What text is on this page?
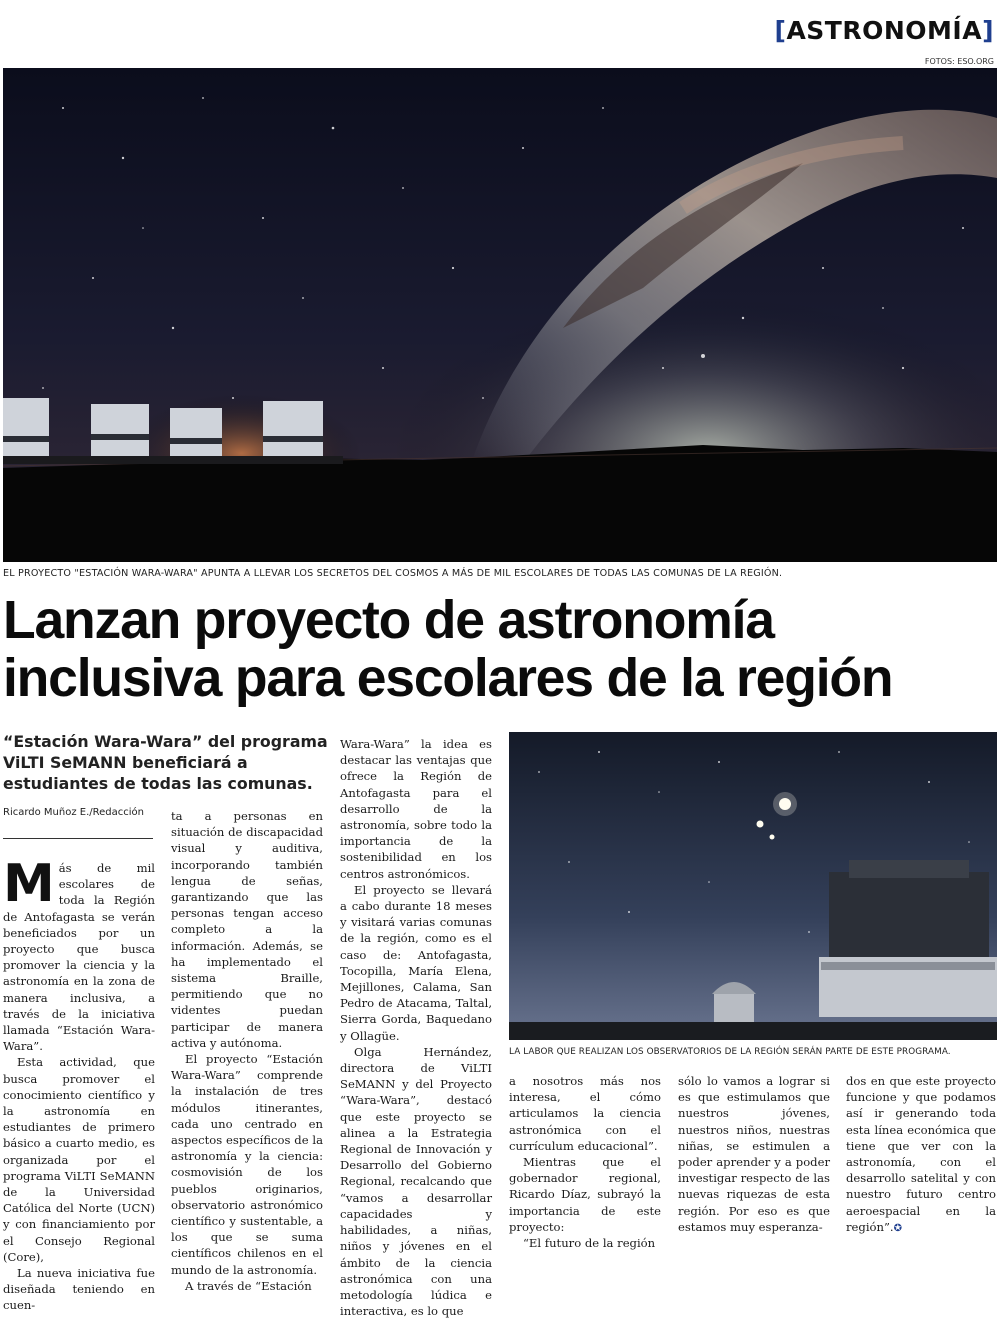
[ASTRONOMÍA]
FOTOS: ESO.ORG
EL PROYECTO "ESTACIÓN WARA-WARA" APUNTA A LLEVAR LOS SECRETOS DEL COSMOS A MÁS DE MIL ESCOLARES DE TODAS LAS COMUNAS DE LA REGIÓN.
Lanzan proyecto de astronomía
inclusiva para escolares de la región
“Estación Wara-Wara” del programa ViLTI SeMANN beneficiará a estudiantes de todas las comunas.
Ricardo Muñoz E./Redacción

Más de mil escolares de toda la Región de Antofagasta se verán beneficiados por un proyecto que busca promover la ciencia y la astronomía en la zona de manera inclusiva, a través de la iniciativa llamada “Estación Wara-Wara”.

Esta actividad, que busca promover el conocimiento científico y la astronomía en estudiantes de primero básico a cuarto medio, es organizada por el programa ViLTI SeMANN de la Universidad Católica del Norte (UCN) y con financiamiento por el Consejo Regional (Core),

La nueva iniciativa fue diseñada teniendo en cuen-

ta a personas en situación de discapacidad visual y auditiva, incorporando también lengua de señas, garantizando que las personas tengan acceso completo a la información. Además, se ha implementado el sistema Braille, permitiendo que no videntes puedan participar de manera activa y autónoma.

El proyecto “Estación Wara-Wara” comprende la instalación de tres módulos itinerantes, cada uno centrado en aspectos específicos de la astronomía y la ciencia: cosmovisión de los pueblos originarios, observatorio astronómico científico y sustentable, a los que se suma científicos chilenos en el mundo de la astronomía.

A través de “Estación

Wara-Wara” la idea es destacar las ventajas que ofrece la Región de Antofagasta para el desarrollo de la astronomía, sobre todo la importancia de la sostenibilidad en los centros astronómicos.

El proyecto se llevará a cabo durante 18 meses y visitará varias comunas de la región, como es el caso de: Antofagasta, Tocopilla, María Elena, Mejillones, Calama, San Pedro de Atacama, Taltal, Sierra Gorda, Baquedano y Ollagüe.

Olga Hernández, directora de ViLTI SeMANN y del Proyecto “Wara-Wara”, destacó que este proyecto se alinea a la Estrategia Regional de Innovación y Desarrollo del Gobierno Regional, recalcando que “vamos a desarrollar capacidades y habilidades, a niñas, niños y jóvenes en el ámbito de la ciencia astronómica con una metodología lúdica e interactiva, es lo que

LA LABOR QUE REALIZAN LOS OBSERVATORIOS DE LA REGIÓN SERÁN PARTE DE ESTE PROGRAMA.

a nosotros más nos interesa, el cómo articulamos la ciencia astronómica con el currículum educacional”.

Mientras que el gobernador regional, Ricardo Díaz, subrayó la importancia de este proyecto:

“El futuro de la región

sólo lo vamos a lograr si es que estimulamos que nuestros jóvenes, nuestros niños, nuestras niñas, se estimulen a poder aprender y a poder investigar respecto de las nuevas riquezas de esta región. Por eso es que estamos muy esperanza-

dos en que este proyecto funcione y que podamos así ir generando toda esta línea económica que tiene que ver con la astronomía, con el desarrollo satelital y con nuestro futuro centro aeroespacial en la región”.✪
